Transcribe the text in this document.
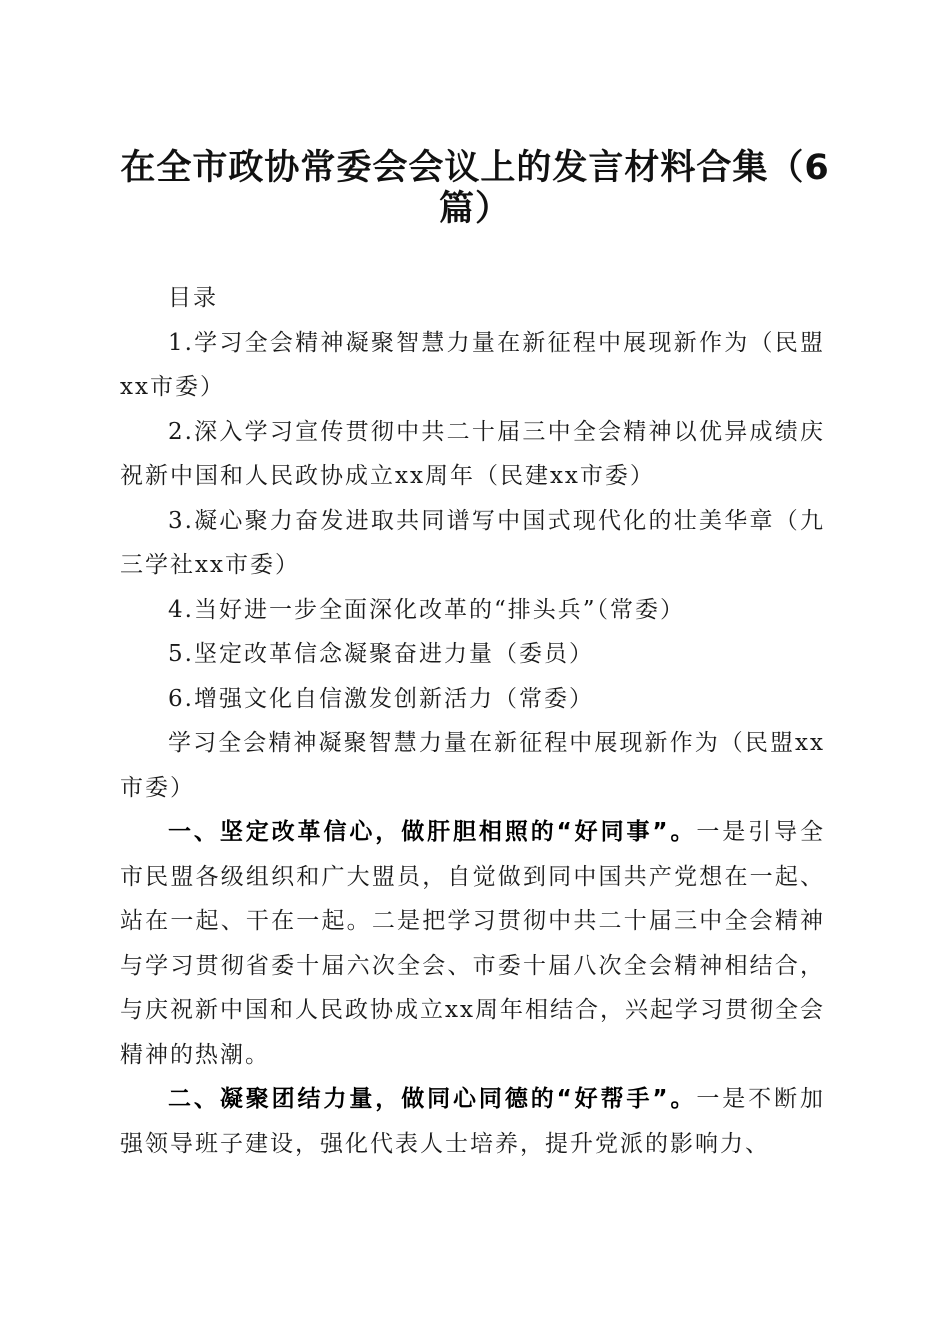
在全市政协常委会会议上的发言材料合集（6
篇）

目录

1.学习全会精神凝聚智慧力量在新征程中展现新作为（民盟xx市委）

2.深入学习宣传贯彻中共二十届三中全会精神以优异成绩庆祝新中国和人民政协成立xx周年（民建xx市委）

3.凝心聚力奋发进取共同谱写中国式现代化的壮美华章（九三学社xx市委）

4.当好进一步全面深化改革的“排头兵”（常委）

5.坚定改革信念凝聚奋进力量（委员）

6.增强文化自信激发创新活力（常委）

学习全会精神凝聚智慧力量在新征程中展现新作为（民盟xx市委）

一、坚定改革信心，做肝胆相照的“好同事”。一是引导全市民盟各级组织和广大盟员，自觉做到同中国共产党想在一起、站在一起、干在一起。二是把学习贯彻中共二十届三中全会精神与学习贯彻省委十届六次全会、市委十届八次全会精神相结合，与庆祝新中国和人民政协成立xx周年相结合，兴起学习贯彻全会精神的热潮。

二、凝聚团结力量，做同心同德的“好帮手”。一是不断加强领导班子建设，强化代表人士培养，提升党派的影响力、
